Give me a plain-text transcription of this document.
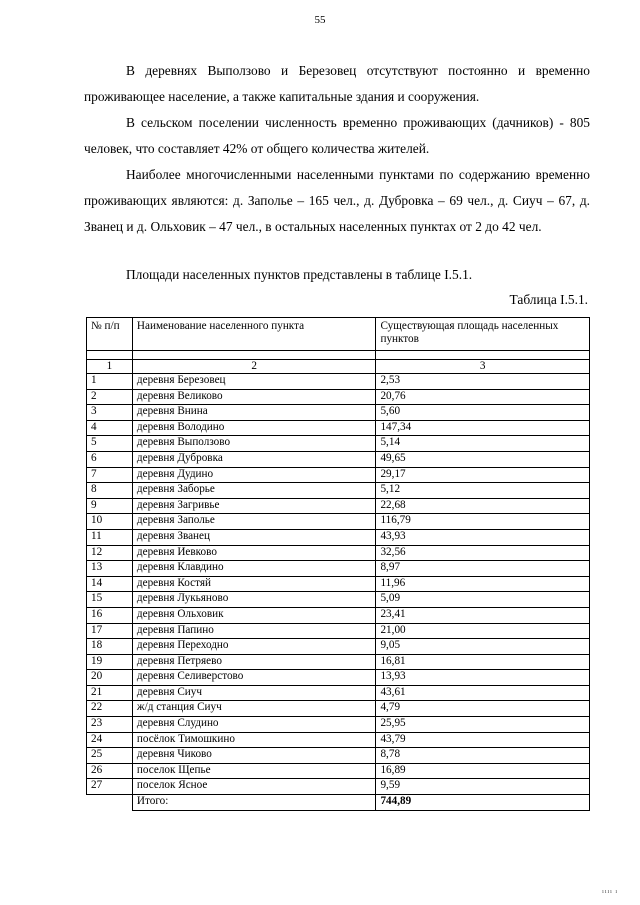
55

В деревнях Выползово и Березовец отсутствуют постоянно и временно проживающее население, а также капитальные здания и сооружения.

В сельском поселении численность временно проживающих (дачников) - 805 человек, что составляет 42% от общего количества жителей.

Наиболее многочисленными населенными пунктами по содержанию временно проживающих являются: д. Заполье – 165 чел., д. Дубровка – 69 чел., д. Сиуч – 67, д. Званец и д. Ольховик – 47 чел., в остальных населенных пунктах от 2 до 42 чел.

Площади населенных пунктов представлены в таблице I.5.1.

Таблица I.5.1.
№ п/п	Наименование населенного пункта	Существующая площадь населенных пунктов

1	2	3
1	деревня Березовец	2,53
2	деревня Великово	20,76
3	деревня Внина	5,60
4	деревня Володино	147,34
5	деревня Выползово	5,14
6	деревня Дубровка	49,65
7	деревня Дудино	29,17
8	деревня Заборье	5,12
9	деревня Загривье	22,68
10	деревня Заполье	116,79
11	деревня Званец	43,93
12	деревня Иевково	32,56
13	деревня Клавдино	8,97
14	деревня Костяй	11,96
15	деревня Лукьяново	5,09
16	деревня Ольховик	23,41
17	деревня Папино	21,00
18	деревня Переходно	9,05
19	деревня Петряево	16,81
20	деревня Селиверстово	13,93
21	деревня Сиуч	43,61
22	ж/д станция Сиуч	4,79
23	деревня Слудино	25,95
24	посёлок Тимошкино	43,79
25	деревня Чиково	8,78
26	поселок Щепье	16,89
27	поселок Ясное	9,59
	Итого:	744,89
ıııı ı
